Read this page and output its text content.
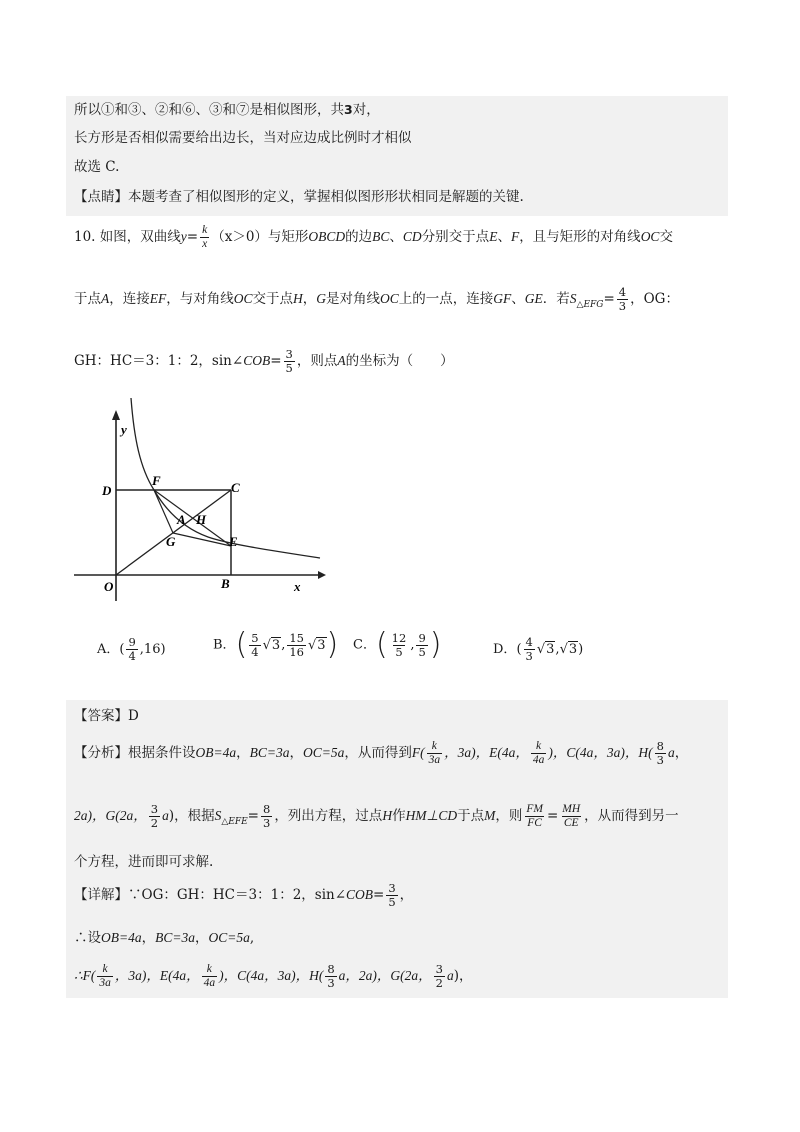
所以①和③、②和⑥、③和⑦是相似图形，共3对，
长方形是否相似需要给出边长，当对应边成比例时才相似
故选 C.
【点睛】本题考查了相似图形的定义，掌握相似图形形状相同是解题的关键.
10. 如图，双曲线$y= \frac{k}{x} (x>0)$与矩形OBCD的边BC、CD分别交于点E、F，且与矩形的对角线OC交
于点A，连接EF，与对角线OC交于点H，G是对角线OC上的一点，连接GF、GE．若$S_{\triangle EFG}= \frac{4}{3}$ ，OG：
GH：HC＝3：1：2，sin∠COB= $\frac{3}{5}$ ，则点A的坐标为（　　）
y
x
O	B
C
D
F
E
G
A H
A．( $\frac{9}{4} ,16$)	B．( $\frac{5}{4} √3$, $\frac{15}{16} √3$) C．( $\frac{12}{5}$ , $\frac{9}{5}$ )	D．( $\frac{4}{3} √3,√3$)
【答案】D
【分析】根据条件设OB=4a，BC=3a，OC=5a，从而得到$F( \frac{k}{3a}$ ，3a)，E(4a， $\frac{k}{4a}$ )，C(4a，3a)，$H( \frac{8}{3}$ a，
2a)，G(2a， $\frac{3}{2} a$)，根据$S_{\triangle EFE}= \frac{8}{3}$ ，列出方程，过点H作HM⊥CD于点M，则 $\frac{FM}{FC} = \frac{MH}{CE}$ ，从而得到另一
个方程，进而即可求解.
【详解】∵OG：GH：HC＝3：1：2，sin∠COB= $\frac{3}{5}$ ，
∴设OB=4a，BC=3a，OC=5a,
∴F( $\frac{k}{3a}$ ，3a)，E(4a， $\frac{k}{4a}$ )，C(4a，3a)，$H( \frac{8}{3}$ a，2a)，G(2a， $\frac{3}{2} a$)，
